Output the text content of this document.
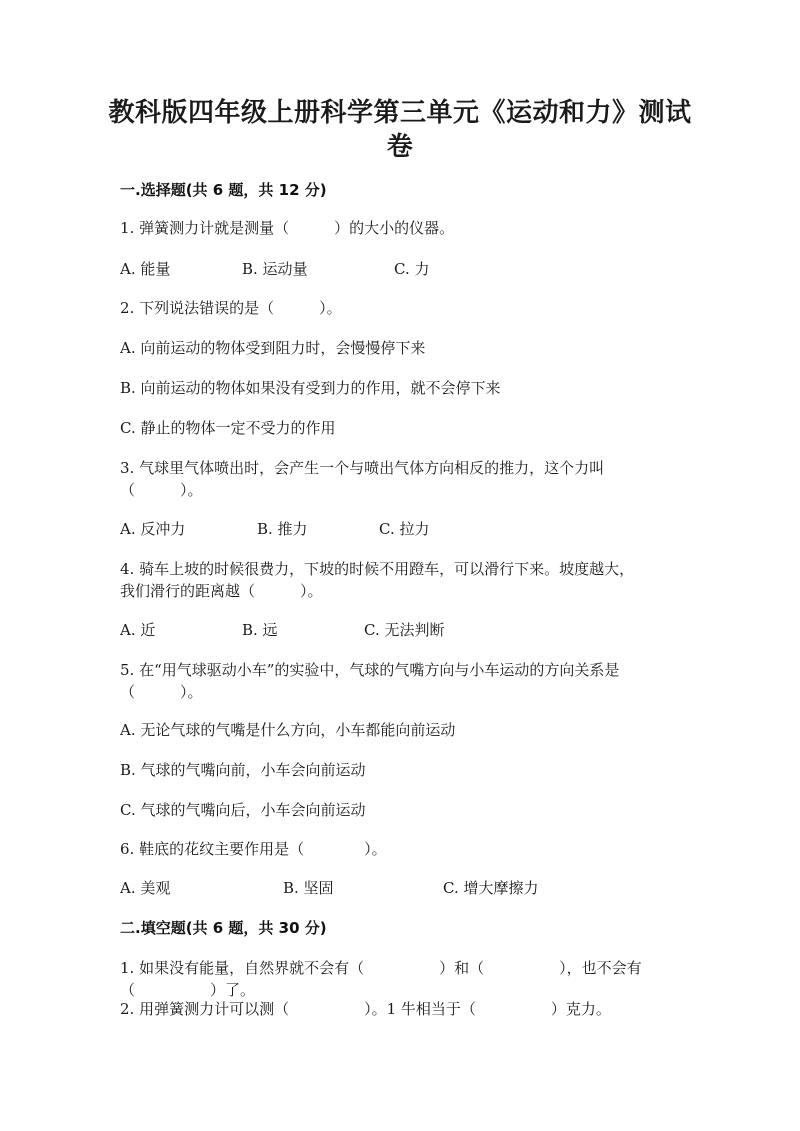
教科版四年级上册科学第三单元《运动和力》测试
卷
一.选择题(共 6 题，共 12 分)
1. 弹簧测力计就是测量（　　　）的大小的仪器。
A. 能量	B. 运动量	C. 力
2. 下列说法错误的是（　　　）。
A. 向前运动的物体受到阻力时，会慢慢停下来
B. 向前运动的物体如果没有受到力的作用，就不会停下来
C. 静止的物体一定不受力的作用
3. 气球里气体喷出时，会产生一个与喷出气体方向相反的推力，这个力叫
（　　　）。
A. 反冲力	B. 推力	C. 拉力
4. 骑车上坡的时候很费力，下坡的时候不用蹬车，可以滑行下来。坡度越大，
我们滑行的距离越（　　　）。
A. 近	B. 远	C. 无法判断
5. 在“用气球驱动小车”的实验中，气球的气嘴方向与小车运动的方向关系是
（　　　）。
A. 无论气球的气嘴是什么方向，小车都能向前运动
B. 气球的气嘴向前，小车会向前运动
C. 气球的气嘴向后，小车会向前运动
6. 鞋底的花纹主要作用是（　　　　）。
A. 美观	B. 坚固	C. 增大摩擦力
二.填空题(共 6 题，共 30 分)
1. 如果没有能量，自然界就不会有（　　　　　）和（　　　　　），也不会有
（　　　　　）了。
2. 用弹簧测力计可以测（　　　　　）。1 牛相当于（　　　　　）克力。
